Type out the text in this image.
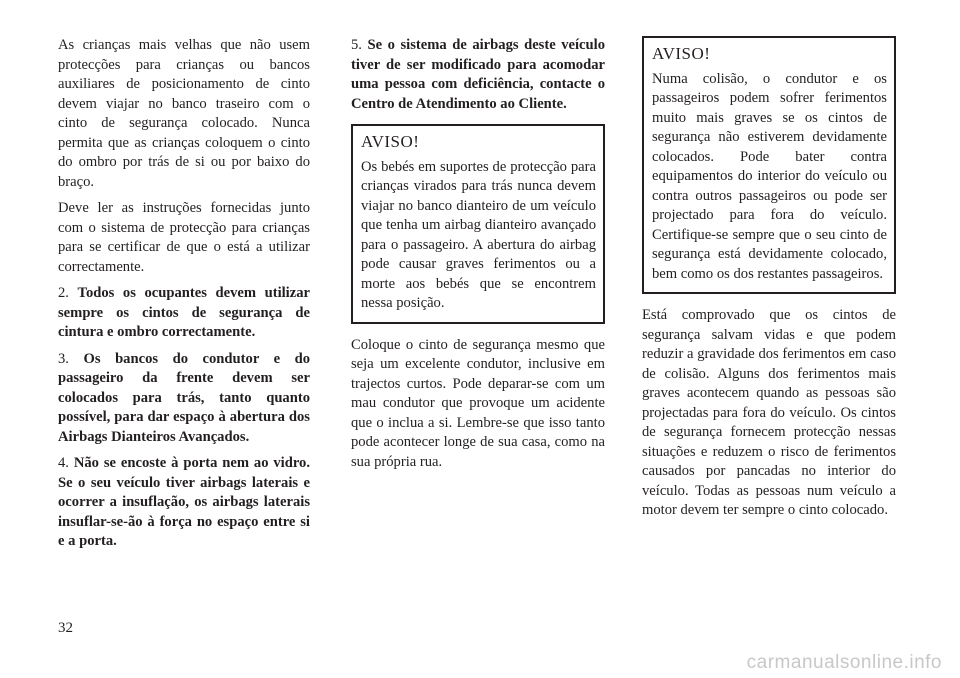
As crianças mais velhas que não usem protecções para crianças ou bancos auxiliares de posicionamento de cinto devem viajar no banco traseiro com o cinto de segurança colocado. Nunca permita que as crianças coloquem o cinto do ombro por trás de si ou por baixo do braço.

Deve ler as instruções fornecidas junto com o sistema de protecção para crianças para se certificar de que o está a utilizar correctamente.

2. Todos os ocupantes devem utilizar sempre os cintos de segurança de cintura e ombro correctamente.

3. Os bancos do condutor e do passageiro da frente devem ser colocados para trás, tanto quanto possível, para dar espaço à abertura dos Airbags Dianteiros Avançados.

4. Não se encoste à porta nem ao vidro. Se o seu veículo tiver airbags laterais e ocorrer a insuflação, os airbags laterais insuflar-se-ão à força no espaço entre si e a porta.

5. Se o sistema de airbags deste veículo tiver de ser modificado para acomodar uma pessoa com deficiência, contacte o Centro de Atendimento ao Cliente.

AVISO!

Os bebés em suportes de protecção para crianças virados para trás nunca devem viajar no banco dianteiro de um veículo que tenha um airbag dianteiro avançado para o passageiro. A abertura do airbag pode causar graves ferimentos ou a morte aos bebés que se encontrem nessa posição.

Coloque o cinto de segurança mesmo que seja um excelente condutor, inclusive em trajectos curtos. Pode deparar-se com um mau condutor que provoque um acidente que o inclua a si. Lembre-se que isso tanto pode acontecer longe de sua casa, como na sua própria rua.

AVISO!

Numa colisão, o condutor e os passageiros podem sofrer ferimentos muito mais graves se os cintos de segurança não estiverem devidamente colocados. Pode bater contra equipamentos do interior do veículo ou contra outros passageiros ou pode ser projectado para fora do veículo. Certifique-se sempre que o seu cinto de segurança está devidamente colocado, bem como os dos restantes passageiros.

Está comprovado que os cintos de segurança salvam vidas e que podem reduzir a gravidade dos ferimentos em caso de colisão. Alguns dos ferimentos mais graves acontecem quando as pessoas são projectadas para fora do veículo. Os cintos de segurança fornecem protecção nessas situações e reduzem o risco de ferimentos causados por pancadas no interior do veículo. Todas as pessoas num veículo a motor devem ter sempre o cinto colocado.

32
carmanualsonline.info
